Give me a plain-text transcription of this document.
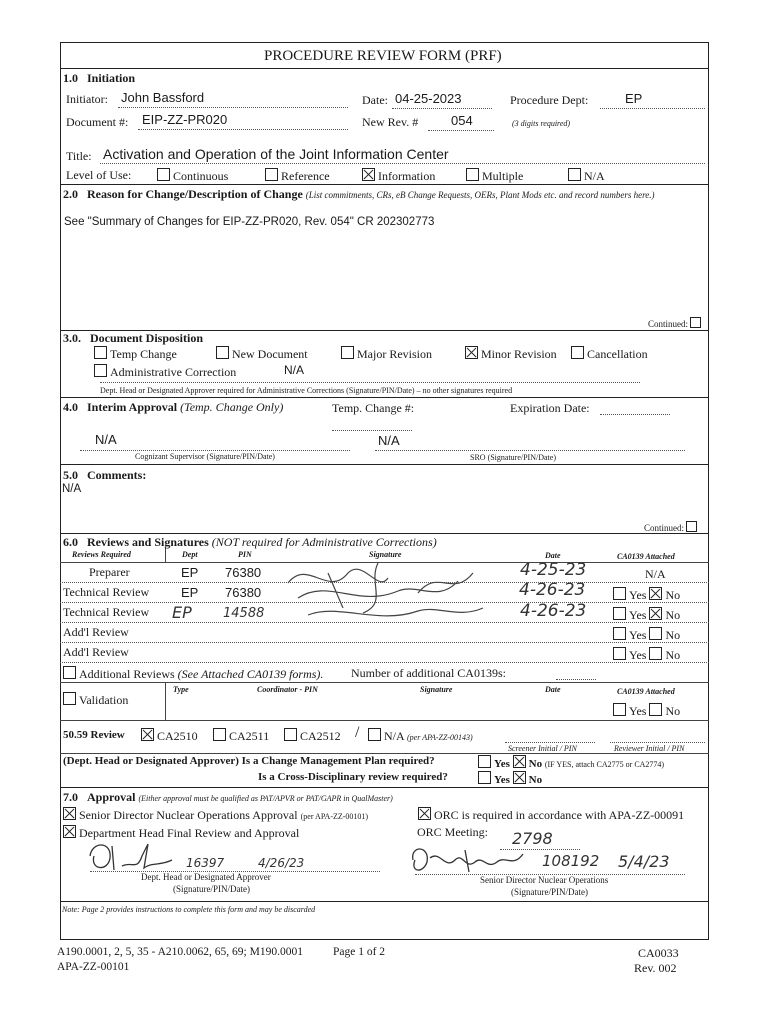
PROCEDURE REVIEW FORM (PRF)
1.0 Initiation
Initiator: John Bassford	Date: 04-25-2023	Procedure Dept:	EP
Document #: EIP-ZZ-PR020	New Rev. #	054	(3 digits required)
Title: Activation and Operation of the Joint Information Center
Level of Use:	Continuous	Reference	Information	Multiple	N/A
2.0 Reason for Change/Description of Change (List commitments, CRs, eB Change Requests, OERs, Plant Mods etc. and record numbers here.)
See "Summary of Changes for EIP-ZZ-PR020, Rev. 054" CR 202302773
Continued:
3.0. Document Disposition
Temp Change	New Document	Major Revision	Minor Revision	Cancellation
Administrative Correction	N/A
Dept. Head or Designated Approver required for Administrative Corrections (Signature/PIN/Date) – no other signatures required
4.0 Interim Approval (Temp. Change Only)	Temp. Change #:	Expiration Date:
N/A	N/A
Cognizant Supervisor (Signature/PIN/Date)	SRO (Signature/PIN/Date)
5.0 Comments:
N/A
Continued:
6.0 Reviews and Signatures (NOT required for Administrative Corrections)
Reviews Required	Dept	PIN	Signature	Date	CA0139 Attached
Preparer	EP 76380	4-25-23	N/A
Technical Review EP 76380	4-26-23	Yes No
Technical Review EP 14588	4-26-23	Yes No
Add'l Review	Yes No
Add'l Review	Yes No
Additional Reviews (See Attached CA0139 forms). Number of additional CA0139s:
Validation
Type	Coordinator - PIN	Signature	Date	CA0139 Attached
Yes No
50.59 Review	CA2510	CA2511	CA2512 /	N/A (per APA-ZZ-00143)
Screener Initial / PIN	Reviewer Initial / PIN
(Dept. Head or Designated Approver) Is a Change Management Plan required?	Yes No (IF YES, attach CA2775 or CA2774)
Is a Cross-Disciplinary review required?	Yes No
7.0 Approval (Either approval must be qualified as PAT/APVR or PAT/GAPR in QualMaster)
Senior Director Nuclear Operations Approval (per APA-ZZ-00101)	ORC is required in accordance with APA-ZZ-00091
Department Head Final Review and Approval	ORC Meeting: 2798
16397	4/26/23
Dept. Head or Designated Approver
(Signature/PIN/Date)
108192 5/4/23
Senior Director Nuclear Operations
(Signature/PIN/Date)
Note: Page 2 provides instructions to complete this form and may be discarded
A190.0001, 2, 5, 35 - A210.0062, 65, 69; M190.0001	Page 1 of 2
APA-ZZ-00101
CA0033
Rev. 002
